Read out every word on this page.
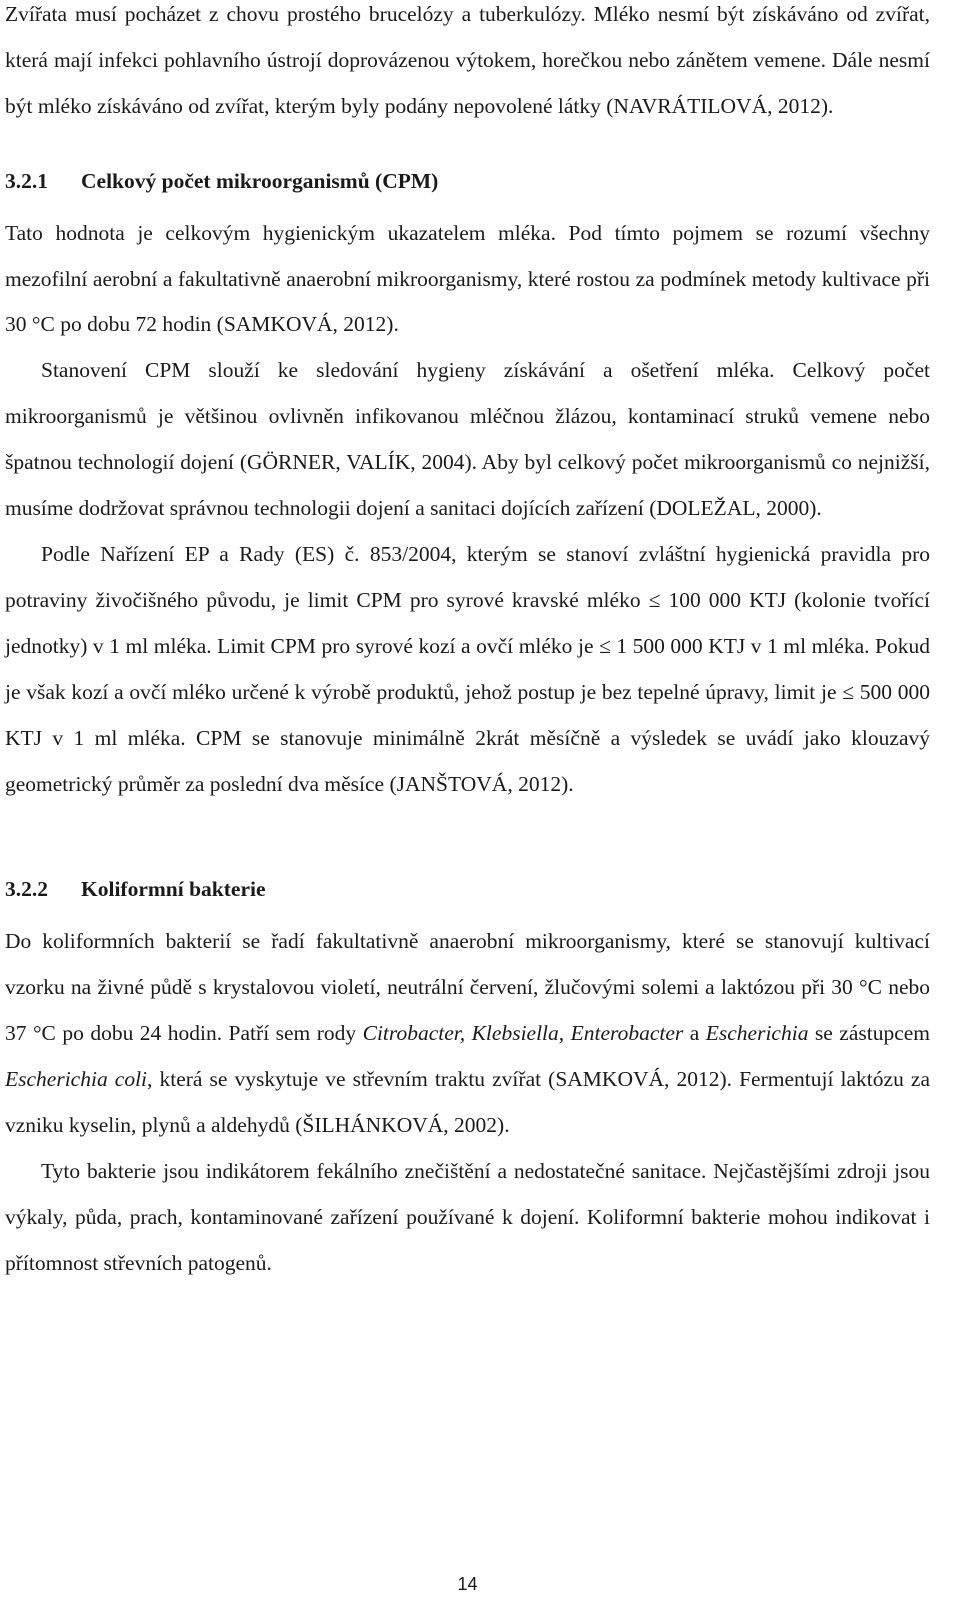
Zvířata musí pocházet z chovu prostého brucelózy a tuberkulózy. Mléko nesmí být získáváno od zvířat, která mají infekci pohlavního ústrojí doprovázenou výtokem, horečkou nebo zánětem vemene. Dále nesmí být mléko získáváno od zvířat, kterým byly podány nepovolené látky (NAVRÁTILOVÁ, 2012).

3.2.1 Celkový počet mikroorganismů (CPM)

Tato hodnota je celkovým hygienickým ukazatelem mléka. Pod tímto pojmem se rozumí všechny mezofilní aerobní a fakultativně anaerobní mikroorganismy, které rostou za podmínek metody kultivace při 30 °C po dobu 72 hodin (SAMKOVÁ, 2012).

Stanovení CPM slouží ke sledování hygieny získávání a ošetření mléka. Celkový počet mikroorganismů je většinou ovlivněn infikovanou mléčnou žlázou, kontaminací struků vemene nebo špatnou technologií dojení (GÖRNER, VALÍK, 2004). Aby byl celkový počet mikroorganismů co nejnižší, musíme dodržovat správnou technologii dojení a sanitaci dojících zařízení (DOLEŽAL, 2000).

Podle Nařízení EP a Rady (ES) č. 853/2004, kterým se stanoví zvláštní hygienická pravidla pro potraviny živočišného původu, je limit CPM pro syrové kravské mléko ≤ 100 000 KTJ (kolonie tvořící jednotky) v 1 ml mléka. Limit CPM pro syrové kozí a ovčí mléko je ≤ 1 500 000 KTJ v 1 ml mléka. Pokud je však kozí a ovčí mléko určené k výrobě produktů, jehož postup je bez tepelné úpravy, limit je ≤ 500 000 KTJ v 1 ml mléka. CPM se stanovuje minimálně 2krát měsíčně a výsledek se uvádí jako klouzavý geometrický průměr za poslední dva měsíce (JANŠTOVÁ, 2012).

3.2.2 Koliformní bakterie

Do koliformních bakterií se řadí fakultativně anaerobní mikroorganismy, které se stanovují kultivací vzorku na živné půdě s krystalovou violetí, neutrální červení, žlučovými solemi a laktózou při 30 °C nebo 37 °C po dobu 24 hodin. Patří sem rody Citrobacter, Klebsiella, Enterobacter a Escherichia se zástupcem Escherichia coli, která se vyskytuje ve střevním traktu zvířat (SAMKOVÁ, 2012). Fermentují laktózu za vzniku kyselin, plynů a aldehydů (ŠILHÁNKOVÁ, 2002).

Tyto bakterie jsou indikátorem fekálního znečištění a nedostatečné sanitace. Nejčastějšími zdroji jsou výkaly, půda, prach, kontaminované zařízení používané k dojení. Koliformní bakterie mohou indikovat i přítomnost střevních patogenů.

14
